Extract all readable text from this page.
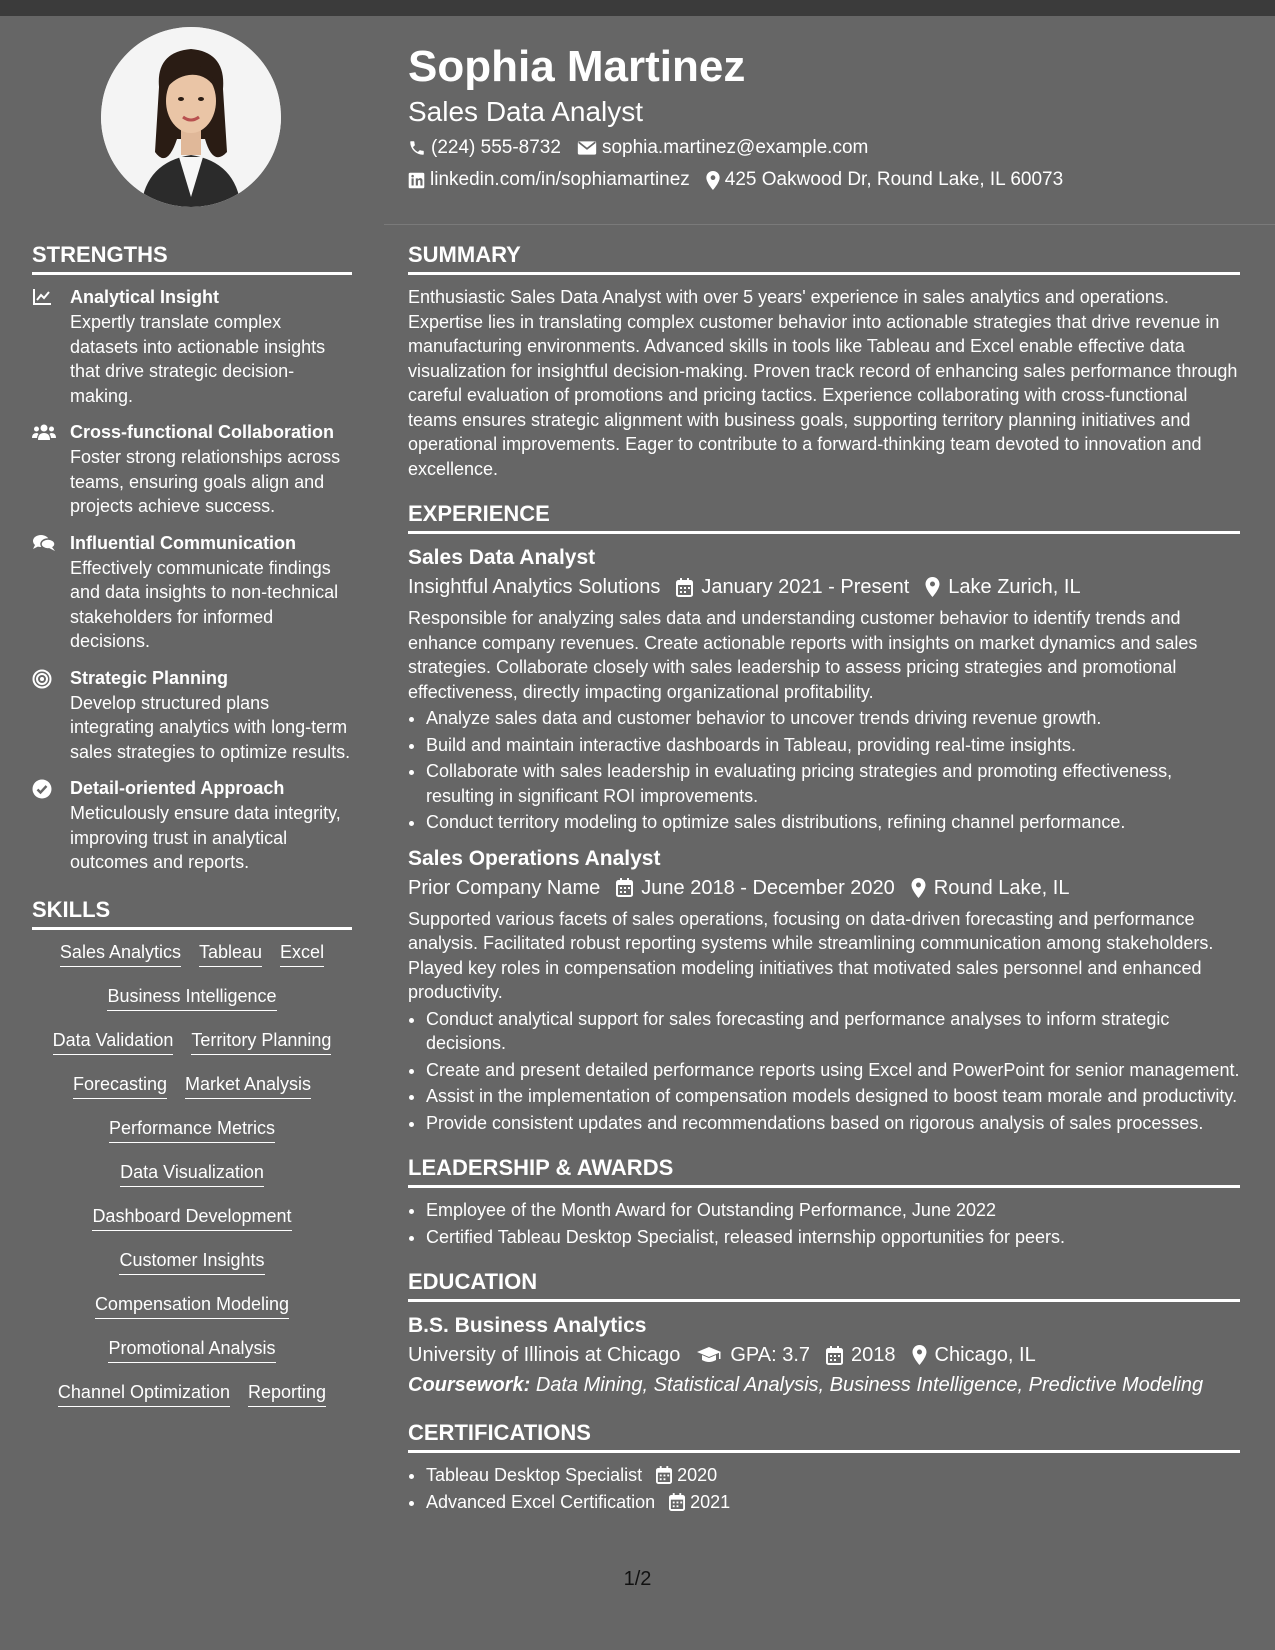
Sophia Martinez
Sales Data Analyst
(224) 555-8732 sophia.martinez@example.com
linkedin.com/in/sophiamartinez 425 Oakwood Dr, Round Lake, IL 60073
STRENGTHS
Analytical Insight
Expertly translate complex datasets into actionable insights that drive strategic decision-making.
Cross-functional Collaboration
Foster strong relationships across teams, ensuring goals align and projects achieve success.
Influential Communication
Effectively communicate findings and data insights to non-technical stakeholders for informed decisions.
Strategic Planning
Develop structured plans integrating analytics with long-term sales strategies to optimize results.
Detail-oriented Approach
Meticulously ensure data integrity, improving trust in analytical outcomes and reports.
SKILLS
Sales Analytics Tableau Excel
Business Intelligence
Data Validation Territory Planning
Forecasting Market Analysis
Performance Metrics
Data Visualization
Dashboard Development
Customer Insights
Compensation Modeling
Promotional Analysis
Channel Optimization Reporting
SUMMARY

Enthusiastic Sales Data Analyst with over 5 years' experience in sales analytics and operations. Expertise lies in translating complex customer behavior into actionable strategies that drive revenue in manufacturing environments. Advanced skills in tools like Tableau and Excel enable effective data visualization for insightful decision-making. Proven track record of enhancing sales performance through careful evaluation of promotions and pricing tactics. Experience collaborating with cross-functional teams ensures strategic alignment with business goals, supporting territory planning initiatives and operational improvements. Eager to contribute to a forward-thinking team devoted to innovation and excellence.

EXPERIENCE
Sales Data Analyst
Insightful Analytics Solutions January 2021 - Present Lake Zurich, IL

Responsible for analyzing sales data and understanding customer behavior to identify trends and enhance company revenues. Create actionable reports with insights on market dynamics and sales strategies. Collaborate closely with sales leadership to assess pricing strategies and promotional effectiveness, directly impacting organizational profitability.

• Analyze sales data and customer behavior to uncover trends driving revenue growth.
• Build and maintain interactive dashboards in Tableau, providing real-time insights.
• Collaborate with sales leadership in evaluating pricing strategies and promoting effectiveness, resulting in significant ROI improvements.
• Conduct territory modeling to optimize sales distributions, refining channel performance.
Sales Operations Analyst
Prior Company Name June 2018 - December 2020 Round Lake, IL

Supported various facets of sales operations, focusing on data-driven forecasting and performance analysis. Facilitated robust reporting systems while streamlining communication among stakeholders. Played key roles in compensation modeling initiatives that motivated sales personnel and enhanced productivity.

• Conduct analytical support for sales forecasting and performance analyses to inform strategic decisions.
• Create and present detailed performance reports using Excel and PowerPoint for senior management.
• Assist in the implementation of compensation models designed to boost team morale and productivity.
• Provide consistent updates and recommendations based on rigorous analysis of sales processes.
LEADERSHIP & AWARDS
• Employee of the Month Award for Outstanding Performance, June 2022
• Certified Tableau Desktop Specialist, released internship opportunities for peers.
EDUCATION
B.S. Business Analytics
University of Illinois at Chicago	GPA: 3.7 2018 Chicago, IL
Coursework: Data Mining, Statistical Analysis, Business Intelligence, Predictive Modeling
CERTIFICATIONS
• Tableau Desktop Specialist 2020
• Advanced Excel Certification 2021
1/2
